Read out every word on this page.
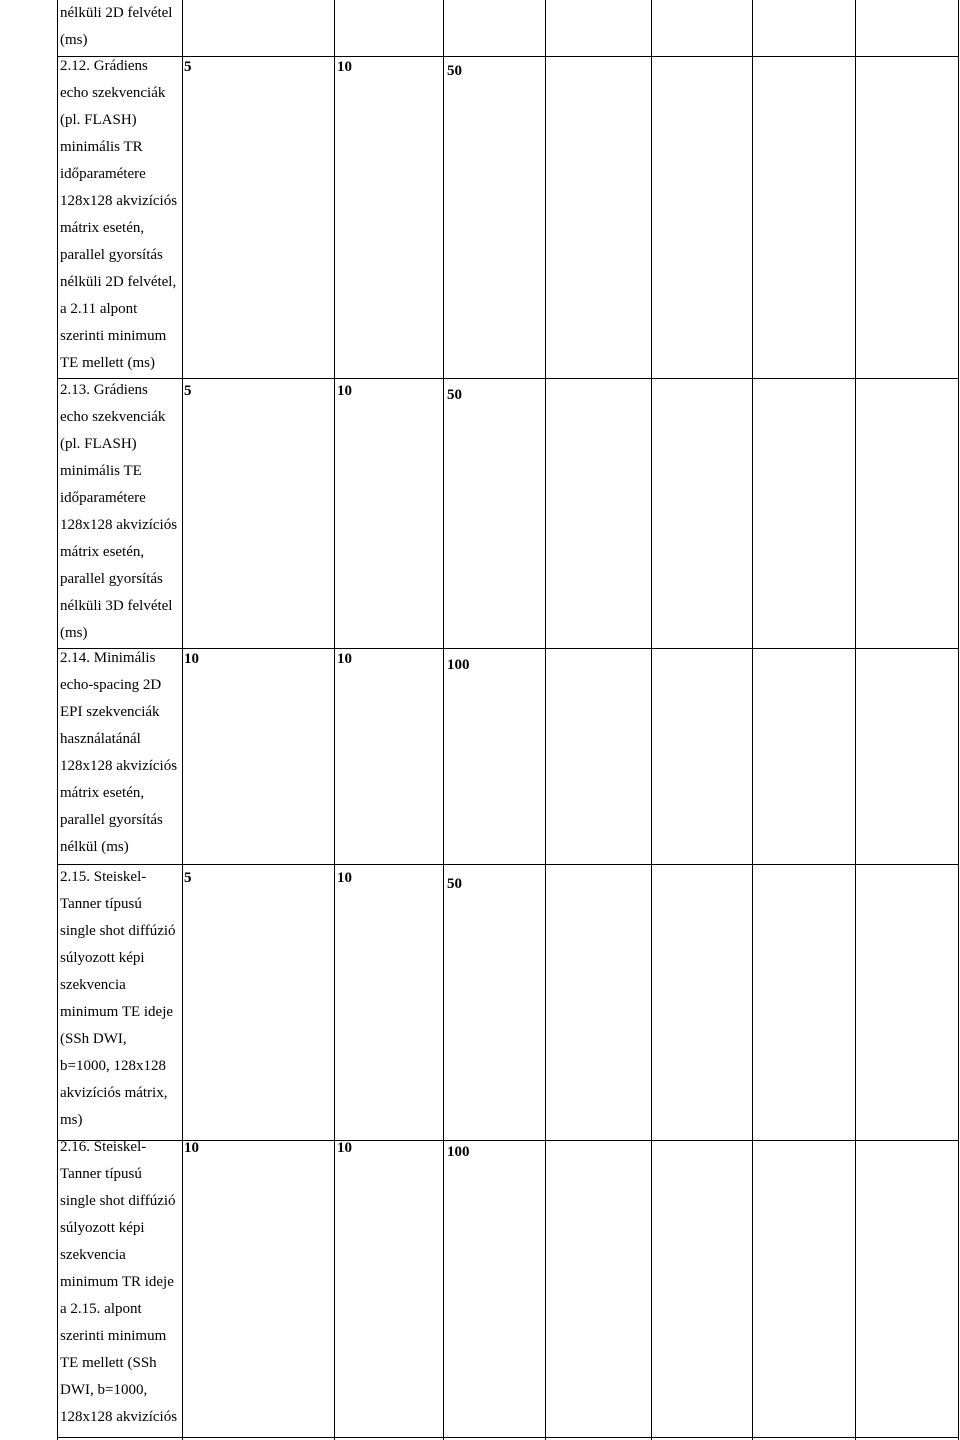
nélküli 2D felvétel
(ms)
2.12. Grádiens
echo szekvenciák
(pl. FLASH)
minimális TR
időparamétere
128x128 akvizíciós
mátrix esetén,
parallel gyorsítás
nélküli 2D felvétel,
a 2.11 alpont
szerinti minimum
TE mellett (ms)
5	10	50
2.13. Grádiens
echo szekvenciák
(pl. FLASH)
minimális TE
időparamétere
128x128 akvizíciós
mátrix esetén,
parallel gyorsítás
nélküli 3D felvétel
(ms)
5	10	50
2.14. Minimális
echo-spacing 2D
EPI szekvenciák
használatánál
128x128 akvizíciós
mátrix esetén,
parallel gyorsítás
nélkül (ms)
10	10	100
2.15. Steiskel-
Tanner típusú
single shot diffúzió
súlyozott képi
szekvencia
minimum TE ideje
(SSh DWI,
b=1000, 128x128
akvizíciós mátrix,
ms)
5	10	50
2.16. Steiskel-
Tanner típusú
single shot diffúzió
súlyozott képi
szekvencia
minimum TR ideje
a 2.15. alpont
szerinti minimum
TE mellett (SSh
DWI, b=1000,
128x128 akvizíciós
10	10	100
